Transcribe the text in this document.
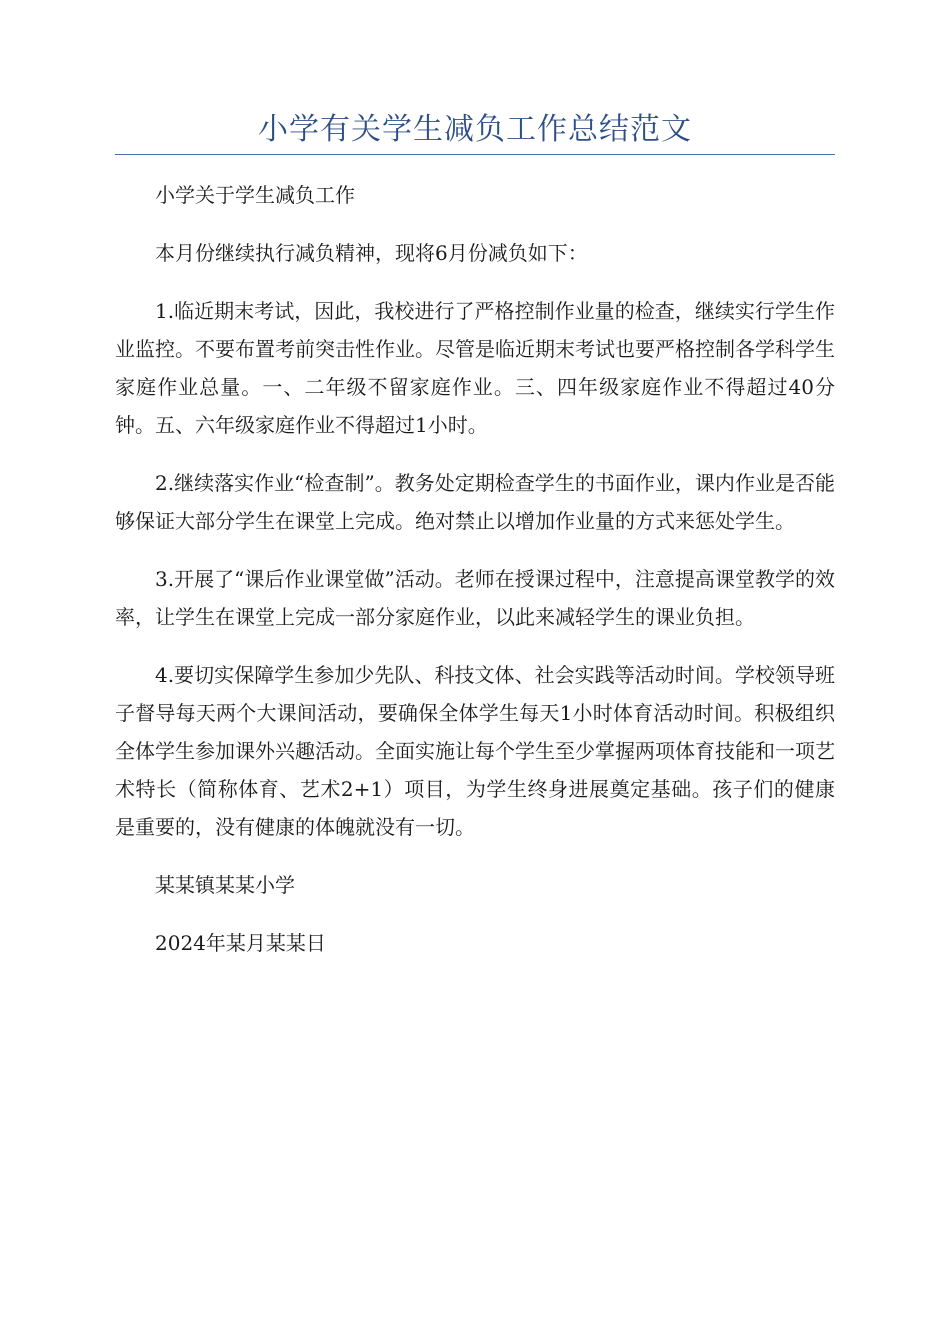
小学有关学生减负工作总结范文

小学关于学生减负工作

本月份继续执行减负精神，现将6月份减负如下：

1.临近期末考试，因此，我校进行了严格控制作业量的检查，继续实行学生作业监控。不要布置考前突击性作业。尽管是临近期末考试也要严格控制各学科学生家庭作业总量。一、二年级不留家庭作业。三、四年级家庭作业不得超过40分钟。五、六年级家庭作业不得超过1小时。

2.继续落实作业“检查制”。教务处定期检查学生的书面作业，课内作业是否能够保证大部分学生在课堂上完成。绝对禁止以增加作业量的方式来惩处学生。

3.开展了“课后作业课堂做”活动。老师在授课过程中，注意提高课堂教学的效率，让学生在课堂上完成一部分家庭作业，以此来减轻学生的课业负担。

4.要切实保障学生参加少先队、科技文体、社会实践等活动时间。学校领导班子督导每天两个大课间活动，要确保全体学生每天1小时体育活动时间。积极组织全体学生参加课外兴趣活动。全面实施让每个学生至少掌握两项体育技能和一项艺术特长（简称体育、艺术2+1）项目，为学生终身进展奠定基础。孩子们的健康是重要的，没有健康的体魄就没有一切。

某某镇某某小学

2024年某月某某日
